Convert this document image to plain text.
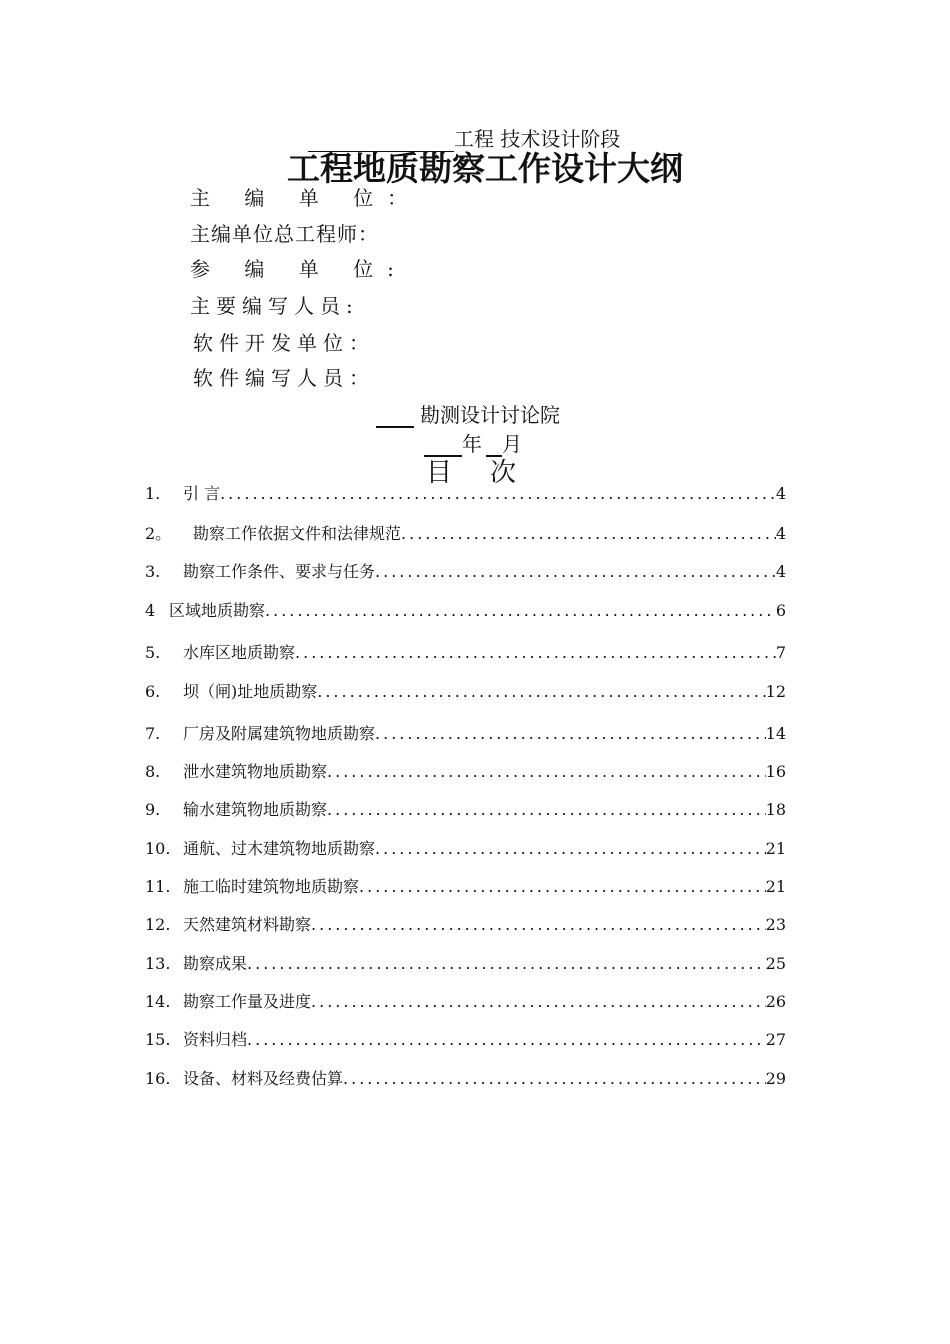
工程 技术设计阶段
工程地质勘察工作设计大纲
主 编 单 位：
主编单位总工程师：
参 编 单 位:
主要编写人员:
软件开发单位：
软件编写人员：
勘测设计讨论院
年 月
目次
1.	引 言 .....	4
2。	勘察工作依据文件和法律规范 .....	4
3.	勘察工作条件、要求与任务 .....	4
4 区域地质勘察 .....	6
5.	水库区地质勘察 .....	7
6.	坝（闸)址地质勘察 .....	12
7.	厂房及附属建筑物地质勘察 .....	14
8.	泄水建筑物地质勘察 .....	16
9.	输水建筑物地质勘察 .....	18
10. 通航、过木建筑物地质勘察 .....	21
11. 施工临时建筑物地质勘察 .....	21
12. 天然建筑材料勘察 .....	23
13. 勘察成果 .....	25
14. 勘察工作量及进度 .....	26
15. 资料归档 .....	27
16. 设备、材料及经费估算 .....	29
